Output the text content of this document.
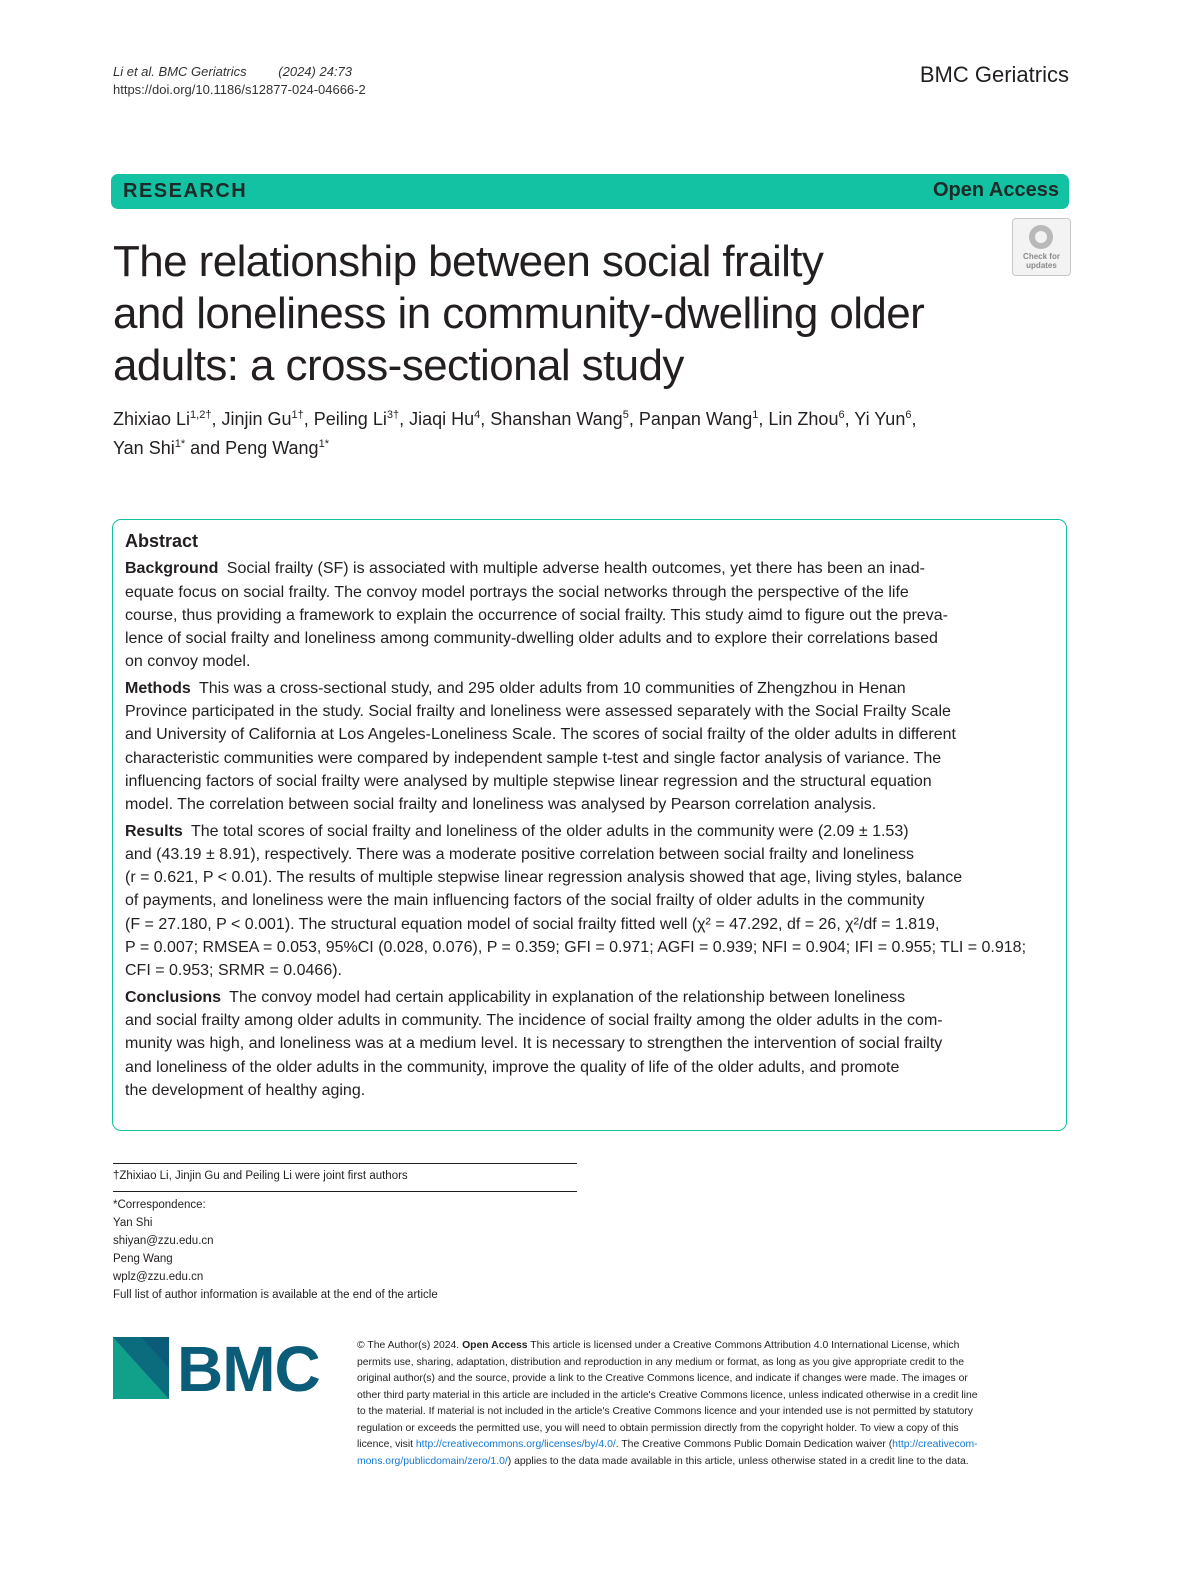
Li et al. BMC Geriatrics (2024) 24:73
https://doi.org/10.1186/s12877-024-04666-2
BMC Geriatrics
RESEARCH	Open Access
Check for
updates
The relationship between social frailty
and loneliness in community-dwelling older
adults: a cross-sectional study
Zhixiao $Li^{1,2\dagger}$, Jinjin $Gu^{1\dagger}$, Peiling $Li^{3\dagger}$, Jiaqi Hu$^4$, Shanshan Wang$^5$, Panpan Wang$^1$, Lin Zhou$^6$, Yi Yun$^6$,
Yan Shi$^{1*}$ and Peng Wang$^{1*}$
Abstract
Background Social frailty (SF) is associated with multiple adverse health outcomes, yet there has been an inad-
equate focus on social frailty. The convoy model portrays the social networks through the perspective of the life
course, thus providing a framework to explain the occurrence of social frailty. This study aimd to figure out the preva-
lence of social frailty and loneliness among community-dwelling older adults and to explore their correlations based
on convoy model.
Methods This was a cross-sectional study, and 295 older adults from 10 communities of Zhengzhou in Henan
Province participated in the study. Social frailty and loneliness were assessed separately with the Social Frailty Scale
and University of California at Los Angeles-Loneliness Scale. The scores of social frailty of the older adults in different
characteristic communities were compared by independent sample t-test and single factor analysis of variance. The
influencing factors of social frailty were analysed by multiple stepwise linear regression and the structural equation
model. The correlation between social frailty and loneliness was analysed by Pearson correlation analysis.
Results The total scores of social frailty and loneliness of the older adults in the community were (2.09 ± 1.53)
and (43.19 ± 8.91), respectively. There was a moderate positive correlation between social frailty and loneliness
(r = 0.621, P < 0.01). The results of multiple stepwise linear regression analysis showed that age, living styles, balance
of payments, and loneliness were the main influencing factors of the social frailty of older adults in the community
(F = 27.180, P < 0.001). The structural equation model of social frailty fitted well (χ² = 47.292, df = 26, χ²/df = 1.819,
P = 0.007; RMSEA = 0.053, 95%CI (0.028, 0.076), P = 0.359; GFI = 0.971; AGFI = 0.939; NFI = 0.904; IFI = 0.955; TLI = 0.918;
CFI = 0.953; SRMR = 0.0466).
Conclusions The convoy model had certain applicability in explanation of the relationship between loneliness
and social frailty among older adults in community. The incidence of social frailty among the older adults in the com-
munity was high, and loneliness was at a medium level. It is necessary to strengthen the intervention of social frailty
and loneliness of the older adults in the community, improve the quality of life of the older adults, and promote
the development of healthy aging.
†Zhixiao Li, Jinjin Gu and Peiling Li were joint first authors
*Correspondence:
Yan Shi
shiyan@zzu.edu.cn
Peng Wang
wplz@zzu.edu.cn
Full list of author information is available at the end of the article
BMC	© The Author(s) 2024. Open Access This article is licensed under a Creative Commons Attribution 4.0 International License, which
permits use, sharing, adaptation, distribution and reproduction in any medium or format, as long as you give appropriate credit to the
original author(s) and the source, provide a link to the Creative Commons licence, and indicate if changes were made. The images or
other third party material in this article are included in the article's Creative Commons licence, unless indicated otherwise in a credit line
to the material. If material is not included in the article's Creative Commons licence and your intended use is not permitted by statutory
regulation or exceeds the permitted use, you will need to obtain permission directly from the copyright holder. To view a copy of this
licence, visit http://creativecommons.org/licenses/by/4.0/. The Creative Commons Public Domain Dedication waiver (http://creativecom-
mons.org/publicdomain/zero/1.0/) applies to the data made available in this article, unless otherwise stated in a credit line to the data.
